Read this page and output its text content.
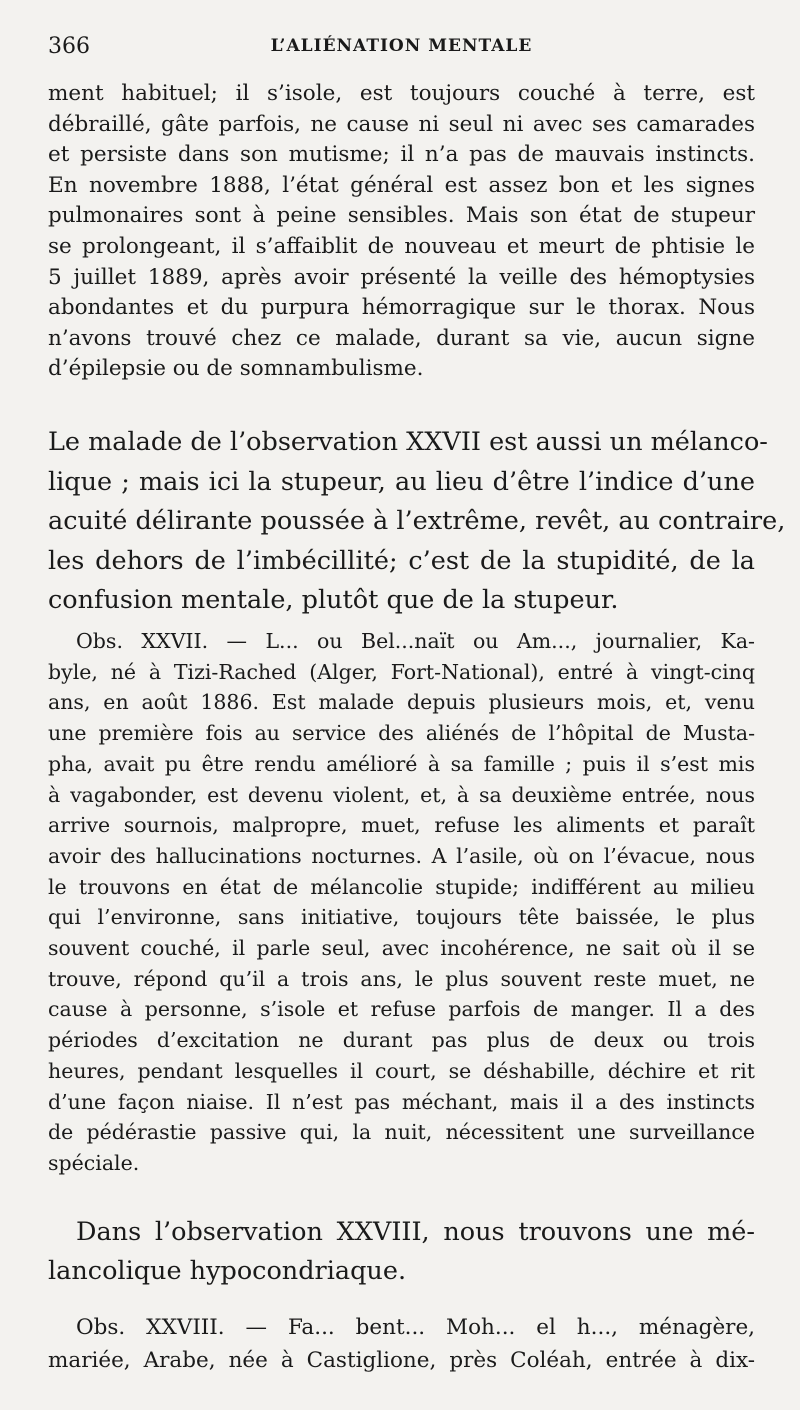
366	L’ALIÉNATION MENTALE
ment habituel; il s’isole, est toujours couché à terre, est
débraillé, gâte parfois, ne cause ni seul ni avec ses camarades
et persiste dans son mutisme; il n’a pas de mauvais instincts.
En novembre 1888, l’état général est assez bon et les signes
pulmonaires sont à peine sensibles. Mais son état de stupeur
se prolongeant, il s’affaiblit de nouveau et meurt de phtisie le
5 juillet 1889, après avoir présenté la veille des hémoptysies
abondantes et du purpura hémorragique sur le thorax. Nous
n’avons trouvé chez ce malade, durant sa vie, aucun signe
d’épilepsie ou de somnambulisme.
Le malade de l’observation XXVII est aussi un mélanco-
lique ; mais ici la stupeur, au lieu d’être l’indice d’une
acuité délirante poussée à l’extrême, revêt, au contraire,
les dehors de l’imbécillité; c’est de la stupidité, de la
confusion mentale, plutôt que de la stupeur.
Obs. XXVII. — L... ou Bel...naït ou Am..., journalier, Ka-
byle, né à Tizi-Rached (Alger, Fort-National), entré à vingt-cinq
ans, en août 1886. Est malade depuis plusieurs mois, et, venu
une première fois au service des aliénés de l’hôpital de Musta-
pha, avait pu être rendu amélioré à sa famille ; puis il s’est mis
à vagabonder, est devenu violent, et, à sa deuxième entrée, nous
arrive sournois, malpropre, muet, refuse les aliments et paraît
avoir des hallucinations nocturnes. A l’asile, où on l’évacue, nous
le trouvons en état de mélancolie stupide; indifférent au milieu
qui l’environne, sans initiative, toujours tête baissée, le plus
souvent couché, il parle seul, avec incohérence, ne sait où il se
trouve, répond qu’il a trois ans, le plus souvent reste muet, ne
cause à personne, s’isole et refuse parfois de manger. Il a des
périodes d’excitation ne durant pas plus de deux ou trois
heures, pendant lesquelles il court, se déshabille, déchire et rit
d’une façon niaise. Il n’est pas méchant, mais il a des instincts
de pédérastie passive qui, la nuit, nécessitent une surveillance
spéciale.
Dans l’observation XXVIII, nous trouvons une mé-
lancolique hypocondriaque.
Obs. XXVIII. — Fa... bent... Moh... el h..., ménagère,
mariée, Arabe, née à Castiglione, près Coléah, entrée à dix-
